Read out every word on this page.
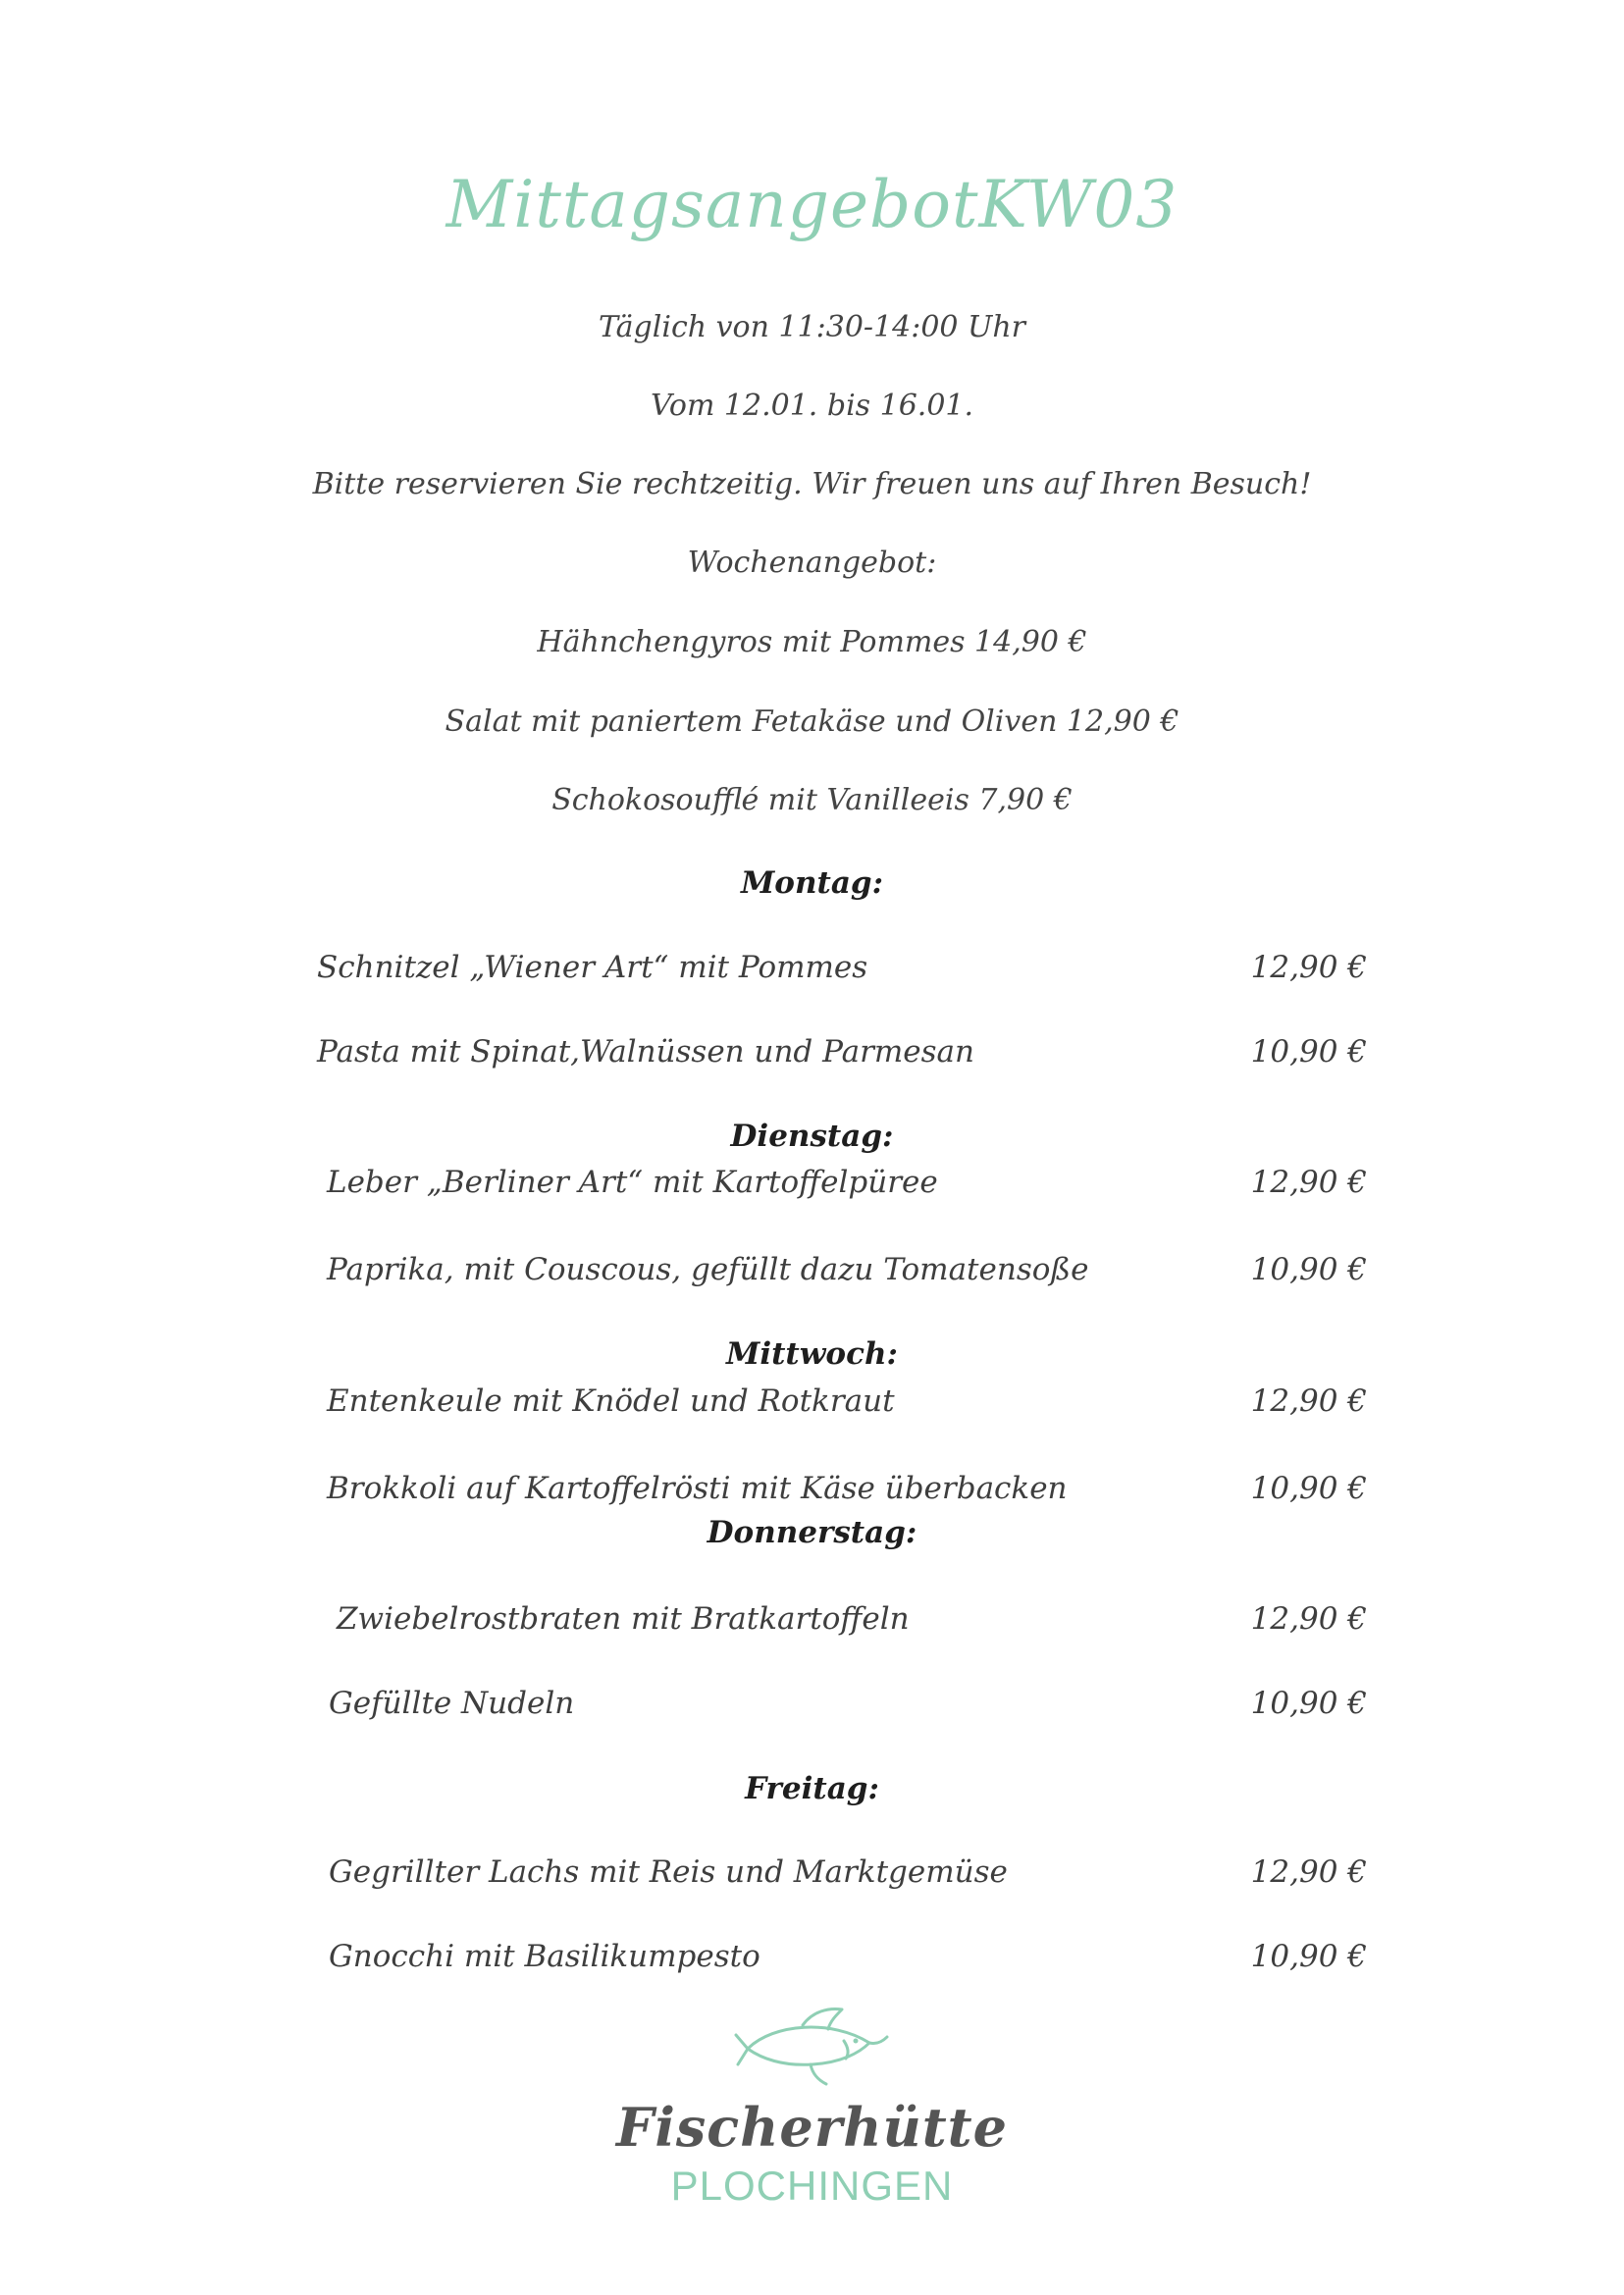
MittagsangebotKW03
Täglich von 11:30-14:00 Uhr
Vom 12.01. bis 16.01.
Bitte reservieren Sie rechtzeitig. Wir freuen uns auf Ihren Besuch!
Wochenangebot:
Hähnchengyros mit Pommes 14,90 €
Salat mit paniertem Fetakäse und Oliven 12,90 €
Schokosoufflé mit Vanilleeis 7,90 €
Montag:
Schnitzel „Wiener Art“ mit Pommes	12,90 €
Pasta mit Spinat,Walnüssen und Parmesan	10,90 €
Dienstag:
Leber „Berliner Art“ mit Kartoffelpüree	12,90 €
Paprika, mit Couscous, gefüllt dazu Tomatensoße	10,90 €
Mittwoch:
Entenkeule mit Knödel und Rotkraut	12,90 €
Brokkoli auf Kartoffelrösti mit Käse überbacken	10,90 €
Donnerstag:
Zwiebelrostbraten mit Bratkartoffeln	12,90 €
Gefüllte Nudeln	10,90 €
Freitag:
Gegrillter Lachs mit Reis und Marktgemüse	12,90 €
Gnocchi mit Basilikumpesto	10,90 €
Fischerhütte
PLOCHINGEN
